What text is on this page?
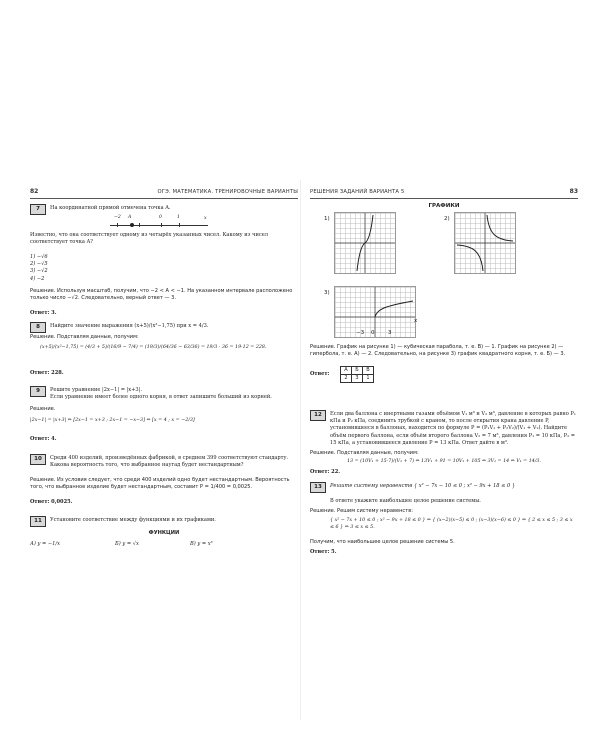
82	ОГЭ. МАТЕМАТИКА. ТРЕНИРОВОЧНЫЕ ВАРИАНТЫ
7	На координатной прямой отмечена точка A.
−2 A	0	1	x
Известно, что она соответствует одному из четырёх указанных чисел. Какому из чисел соответствует точка A?
1) −√6
2) −√5
3) −√2
4) −2
Решение. Используя масштаб, получим, что −2 < A < −1. На указанном интервале расположено только число −√2. Следовательно, верный ответ — 3.
Ответ: 3.
8	Найдите значение выражения (x+5)/(x²−1,75) при x = 4/3.
Решение. Подставляя данные, получим:
(x+5)/(x²−1,75) = (4/3 + 5)/(16/9 − 7/4) = (19/3)/(64/36 − 63/36) = 19/3 · 36 = 19·12 = 228.
Ответ: 228.
9	Решите уравнение |2x−1| = |x+3|.
Если уравнение имеет более одного корня, в ответ запишите больший из корней.
Решение.
|2x−1| = |x+3| ⇔ [2x−1 = x+3 ; 2x−1 = −x−3] ⇔ [x = 4 ; x = −2/3]
Ответ: 4.
10	Среди 400 изделий, произведённых фабрикой, в среднем 399 соответствуют стандарту. Какова вероятность того, что выбранное наугад будет нестандартным?
Решение. Из условия следует, что среди 400 изделий одно будет нестандартным. Вероятность того, что выбранное изделие будет нестандартным, составит P = 1/400 = 0,0025.
Ответ: 0,0025.
11	Установите соответствие между функциями и их графиками.
ФУНКЦИИ
А) y = −1/x	Б) y = √x	В) y = x³
РЕШЕНИЯ ЗАДАНИЙ ВАРИАНТА 5	83
ГРАФИКИ
1)	2)
3)
−3 0 3
x
Решение. График на рисунке 1) — кубическая парабола, т. е. В) — 1. График на рисунке 2) — гипербола, т. е. А) — 2. Следовательно, на рисунке 3) график квадратного корня, т. е. Б) — 3.
Ответ:
А	Б	В
2	3	1
12	Если два баллона с инертными газами объёмом V₁ м³ и V₂ м³, давление в которых равно P₁ кПа и P₂ кПа, соединить трубкой с краном, то после открытия крана давление P, установившееся в баллонах, находится по формуле P = (P₁V₁ + P₂V₂)/(V₁ + V₂). Найдите объём первого баллона, если объём второго баллона V₂ = 7 м³, давления P₁ = 10 кПа, P₂ = 15 кПа, а установившееся давление P = 13 кПа. Ответ дайте в м³.
Решение. Подставляя данные, получим:
13 = (10V₁ + 15·7)/(V₁ + 7) ⇔ 13V₁ + 91 = 10V₁ + 105 ⇔ 3V₁ = 14 ⇔ V₁ = 14/3.
Ответ: 22.
13	Решите систему неравенств { x² − 7x − 10 ≤ 0 ; x² − 9x + 18 ≤ 0 }
В ответе укажите наибольшее целое решение системы.
Решение. Решим систему неравенств:
{ x² − 7x + 10 ≤ 0 ; x² − 9x + 18 ≤ 0 } ⇔ { (x−2)(x−5) ≤ 0 ; (x−3)(x−6) ≤ 0 } ⇔ { 2 ≤ x ≤ 5 ; 3 ≤ x ≤ 6 } ⇔ 3 ≤ x ≤ 5.
Получим, что наибольшее целое решение системы 5.
Ответ: 5.
